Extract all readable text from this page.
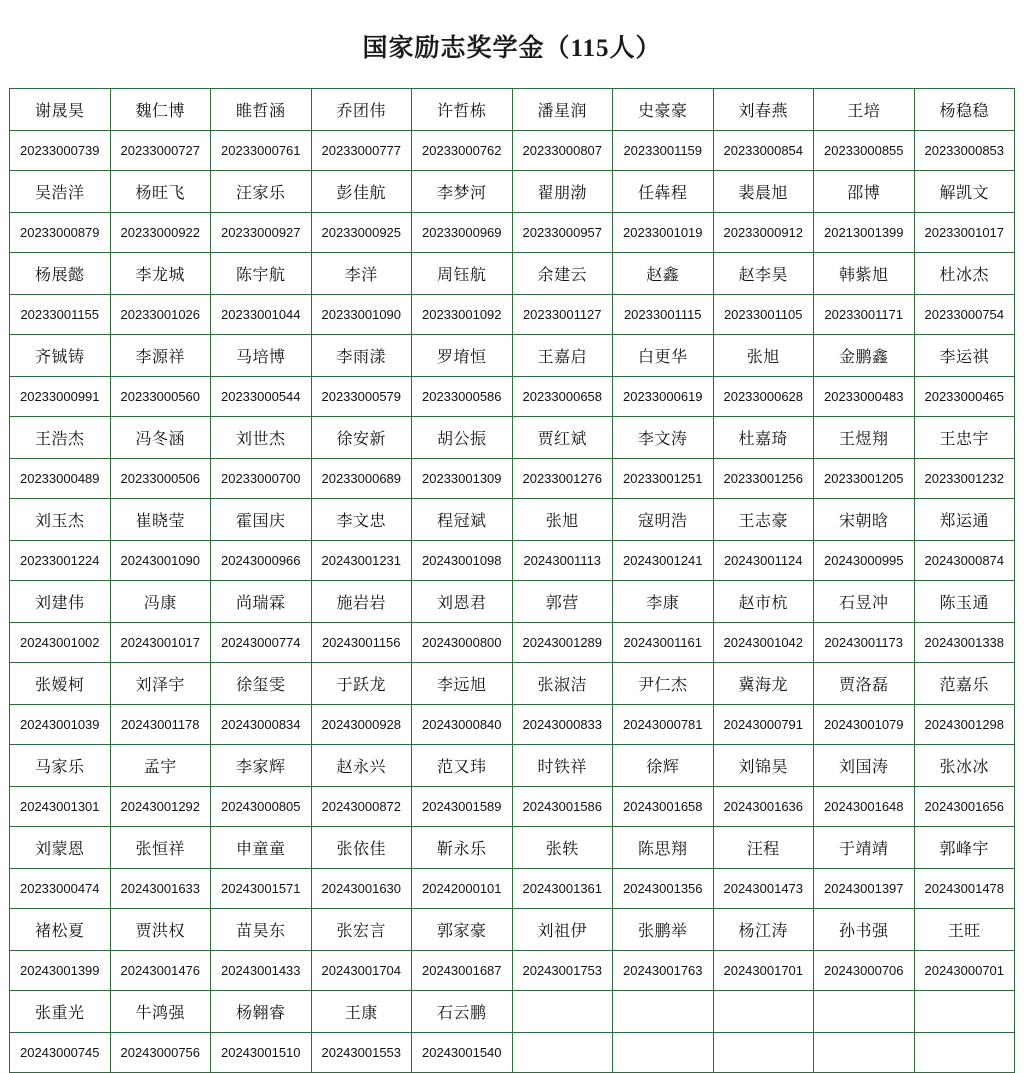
国家励志奖学金（115人）
谢晟昊	魏仁博	睢哲涵	乔团伟	许哲栋	潘星润	史豪豪	刘春燕	王培	杨稳稳
20233000739	20233000727	20233000761	20233000777	20233000762	20233000807	20233001159	20233000854	20233000855	20233000853
吴浩洋	杨旺飞	汪家乐	彭佳航	李梦河	翟朋渤	任犇程	裴晨旭	邵博	解凯文
20233000879	20233000922	20233000927	20233000925	20233000969	20233000957	20233001019	20233000912	20213001399	20233001017
杨展懿	李龙城	陈宇航	李洋	周钰航	余建云	赵鑫	赵李昊	韩紫旭	杜冰杰
20233001155	20233001026	20233001044	20233001090	20233001092	20233001127	20233001115	20233001105	20233001171	20233000754
齐铖铸	李源祥	马培博	李雨漾	罗堉恒	王嘉启	白更华	张旭	金鹏鑫	李运祺
20233000991	20233000560	20233000544	20233000579	20233000586	20233000658	20233000619	20233000628	20233000483	20233000465
王浩杰	冯冬涵	刘世杰	徐安新	胡公振	贾红斌	李文涛	杜嘉琦	王煜翔	王忠宇
20233000489	20233000506	20233000700	20233000689	20233001309	20233001276	20233001251	20233001256	20233001205	20233001232
刘玉杰	崔晓莹	霍国庆	李文忠	程冠斌	张旭	寇明浩	王志豪	宋朝晗	郑运通
20233001224	20243001090	20243000966	20243001231	20243001098	20243001113	20243001241	20243001124	20243000995	20243000874
刘建伟	冯康	尚瑞霖	施岩岩	刘恩君	郭营	李康	赵市杭	石昱冲	陈玉通
20243001002	20243001017	20243000774	20243001156	20243000800	20243001289	20243001161	20243001042	20243001173	20243001338
张嫒柯	刘泽宇	徐玺雯	于跃龙	李远旭	张淑洁	尹仁杰	冀海龙	贾洛磊	范嘉乐
20243001039	20243001178	20243000834	20243000928	20243000840	20243000833	20243000781	20243000791	20243001079	20243001298
马家乐	孟宇	李家辉	赵永兴	范又玮	时铁祥	徐辉	刘锦昊	刘国涛	张冰冰
20243001301	20243001292	20243000805	20243000872	20243001589	20243001586	20243001658	20243001636	20243001648	20243001656
刘蒙恩	张恒祥	申童童	张依佳	靳永乐	张轶	陈思翔	汪程	于靖靖	郭峰宇
20233000474	20243001633	20243001571	20243001630	20242000101	20243001361	20243001356	20243001473	20243001397	20243001478
褚松夏	贾洪权	苗昊东	张宏言	郭家豪	刘祖伊	张鹏举	杨江涛	孙书强	王旺
20243001399	20243001476	20243001433	20243001704	20243001687	20243001753	20243001763	20243001701	20243000706	20243000701
张重光	牛鸿强	杨翱睿	王康	石云鹏					
20243000745	20243000756	20243001510	20243001553	20243001540					
